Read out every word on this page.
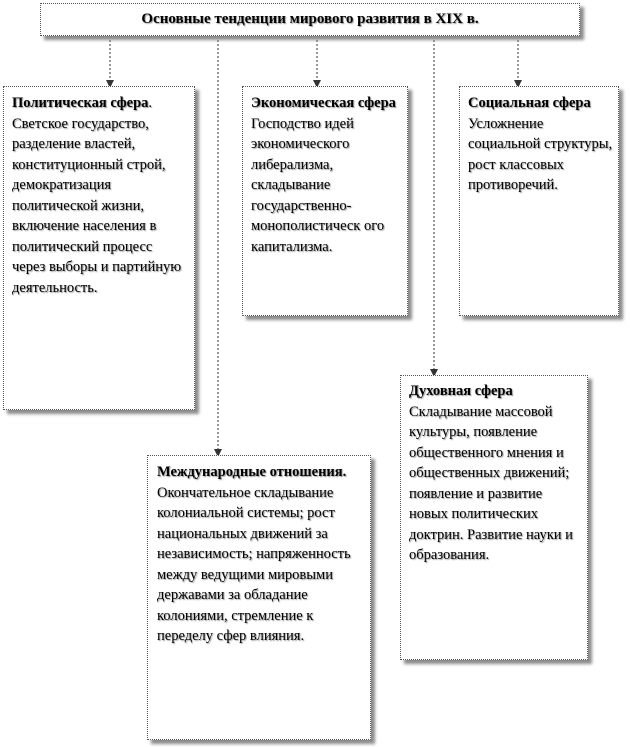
Основные тенденции мирового развития в XIX в.
Политическая сфера. Светское государство, разделение властей, конституционный строй, демократизация политической жизни, включение населения в политический процесс через выборы и партийную деятельность.
Экономическая сфера Господство идей экономического либерализма, складывание государственно-монополистическ ого капитализма.
Социальная сфера Усложнение социальной структуры, рост классовых противоречий.
Духовная сфера Складывание массовой культуры, появление общественного мнения и общественных движений; появление и развитие новых политических доктрин. Развитие науки и образования.
Международные отношения. Окончательное складывание колониальной системы; рост национальных движений за независимость; напряженность между ведущими мировыми державами за обладание колониями, стремление к переделу сфер влияния.
